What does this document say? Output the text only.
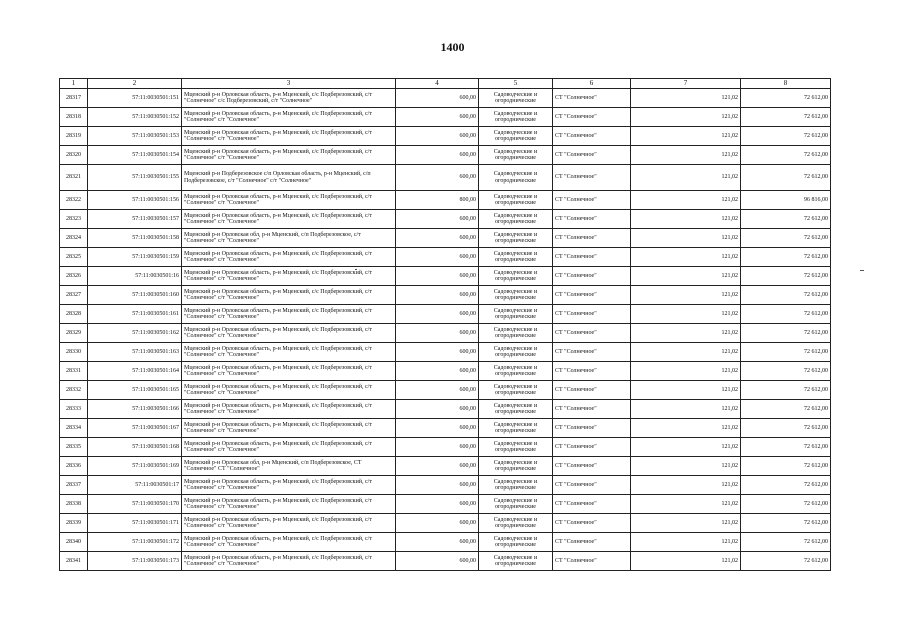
1400
1	2	3	4	5	6	7	8
28317	57:11:0030501:151	Мценский р-н Орловская область, р-н Мценский, с/с Подберезовский, с/т "Солнечное" с/с Подберезовский, с/т "Солнечное"	600,00	Садоводческие и огороднические	СТ "Солнечное"	121,02	72 612,00
28318	57:11:0030501:152	Мценский р-н Орловская область, р-н Мценский, с/с Подберезовский, с/т "Солнечное" с/т "Солнечное"	600,00	Садоводческие и огороднические	СТ "Солнечное"	121,02	72 612,00
28319	57:11:0030501:153	Мценский р-н Орловская область, р-н Мценский, с/с Подберезовский, с/т "Солнечное" с/т "Солнечное"	600,00	Садоводческие и огороднические	СТ "Солнечное"	121,02	72 612,00
28320	57:11:0030501:154	Мценский р-н Орловская область, р-н Мценский, с/с Подберезовский, с/т "Солнечное" с/т "Солнечное"	600,00	Садоводческие и огороднические	СТ "Солнечное"	121,02	72 612,00
28321	57:11:0030501:155	Мценский р-н Подберезовское с/п Орловская область, р-н Мценский, с/п Подберезовское, с/т "Солнечное" с/т "Солнечное"	600,00	Садоводческие и огороднические	СТ "Солнечное"	121,02	72 612,00
28322	57:11:0030501:156	Мценский р-н Орловская область, р-н Мценский, с/с Подберезовский, с/т "Солнечное" с/т "Солнечное"	800,00	Садоводческие и огороднические	СТ "Солнечное"	121,02	96 816,00
28323	57:11:0030501:157	Мценский р-н Орловская область, р-н Мценский, с/с Подберезовский, с/т "Солнечное" с/т "Солнечное"	600,00	Садоводческие и огороднические	СТ "Солнечное"	121,02	72 612,00
28324	57:11:0030501:158	Мценский р-н Орловская обл, р-н Мценский, с/п Подберезовское, с/т "Солнечное" с/т "Солнечное"	600,00	Садоводческие и огороднические	СТ "Солнечное"	121,02	72 612,00
28325	57:11:0030501:159	Мценский р-н Орловская область, р-н Мценский, с/с Подберезовский, с/т "Солнечное" с/т "Солнечное"	600,00	Садоводческие и огороднические	СТ "Солнечное"	121,02	72 612,00
28326	57:11:0030501:16	Мценский р-н Орловская область, р-н Мценский, с/с Подберезовский, с/т "Солнечное" с/т "Солнечное"	600,00	Садоводческие и огороднические	СТ "Солнечное"	121,02	72 612,00
28327	57:11:0030501:160	Мценский р-н Орловская область, р-н Мценский, с/с Подберезовский, с/т "Солнечное" с/т "Солнечное"	600,00	Садоводческие и огороднические	СТ "Солнечное"	121,02	72 612,00
28328	57:11:0030501:161	Мценский р-н Орловская область, р-н Мценский, с/с Подберезовский, с/т "Солнечное" с/т "Солнечное"	600,00	Садоводческие и огороднические	СТ "Солнечное"	121,02	72 612,00
28329	57:11:0030501:162	Мценский р-н Орловская область, р-н Мценский, с/с Подберезовский, с/т "Солнечное" с/т "Солнечное"	600,00	Садоводческие и огороднические	СТ "Солнечное"	121,02	72 612,00
28330	57:11:0030501:163	Мценский р-н Орловская область, р-н Мценский, с/с Подберезовский, с/т "Солнечное" с/т "Солнечное"	600,00	Садоводческие и огороднические	СТ "Солнечное"	121,02	72 612,00
28331	57:11:0030501:164	Мценский р-н Орловская область, р-н Мценский, с/с Подберезовский, с/т "Солнечное" с/т "Солнечное"	600,00	Садоводческие и огороднические	СТ "Солнечное"	121,02	72 612,00
28332	57:11:0030501:165	Мценский р-н Орловская область, р-н Мценский, с/с Подберезовский, с/т "Солнечное" с/т "Солнечное"	600,00	Садоводческие и огороднические	СТ "Солнечное"	121,02	72 612,00
28333	57:11:0030501:166	Мценский р-н Орловская область, р-н Мценский, с/с Подберезовский, с/т "Солнечное" с/т "Солнечное"	600,00	Садоводческие и огороднические	СТ "Солнечное"	121,02	72 612,00
28334	57:11:0030501:167	Мценский р-н Орловская область, р-н Мценский, с/с Подберезовский, с/т "Солнечное" с/т "Солнечное"	600,00	Садоводческие и огороднические	СТ "Солнечное"	121,02	72 612,00
28335	57:11:0030501:168	Мценский р-н Орловская область, р-н Мценский, с/с Подберезовский, с/т "Солнечное" с/т "Солнечное"	600,00	Садоводческие и огороднические	СТ "Солнечное"	121,02	72 612,00
28336	57:11:0030501:169	Мценский р-н Орловская обл, р-н Мценский, с/п Подберезовское, СТ "Солнечное" СТ "Солнечное"	600,00	Садоводческие и огороднические	СТ "Солнечное"	121,02	72 612,00
28337	57:11:0030501:17	Мценский р-н Орловская область, р-н Мценский, с/с Подберезовский, с/т "Солнечное" с/т "Солнечное"	600,00	Садоводческие и огороднические	СТ "Солнечное"	121,02	72 612,00
28338	57:11:0030501:170	Мценский р-н Орловская область, р-н Мценский, с/с Подберезовский, с/т "Солнечное" с/т "Солнечное"	600,00	Садоводческие и огороднические	СТ "Солнечное"	121,02	72 612,00
28339	57:11:0030501:171	Мценский р-н Орловская область, р-н Мценский, с/с Подберезовский, с/т "Солнечное" с/т "Солнечное"	600,00	Садоводческие и огороднические	СТ "Солнечное"	121,02	72 612,00
28340	57:11:0030501:172	Мценский р-н Орловская область, р-н Мценский, с/с Подберезовский, с/т "Солнечное" с/т "Солнечное"	600,00	Садоводческие и огороднические	СТ "Солнечное"	121,02	72 612,00
28341	57:11:0030501:173	Мценский р-н Орловская область, р-н Мценский, с/с Подберезовский, с/т "Солнечное" с/т "Солнечное"	600,00	Садоводческие и огороднические	СТ "Солнечное"	121,02	72 612,00
